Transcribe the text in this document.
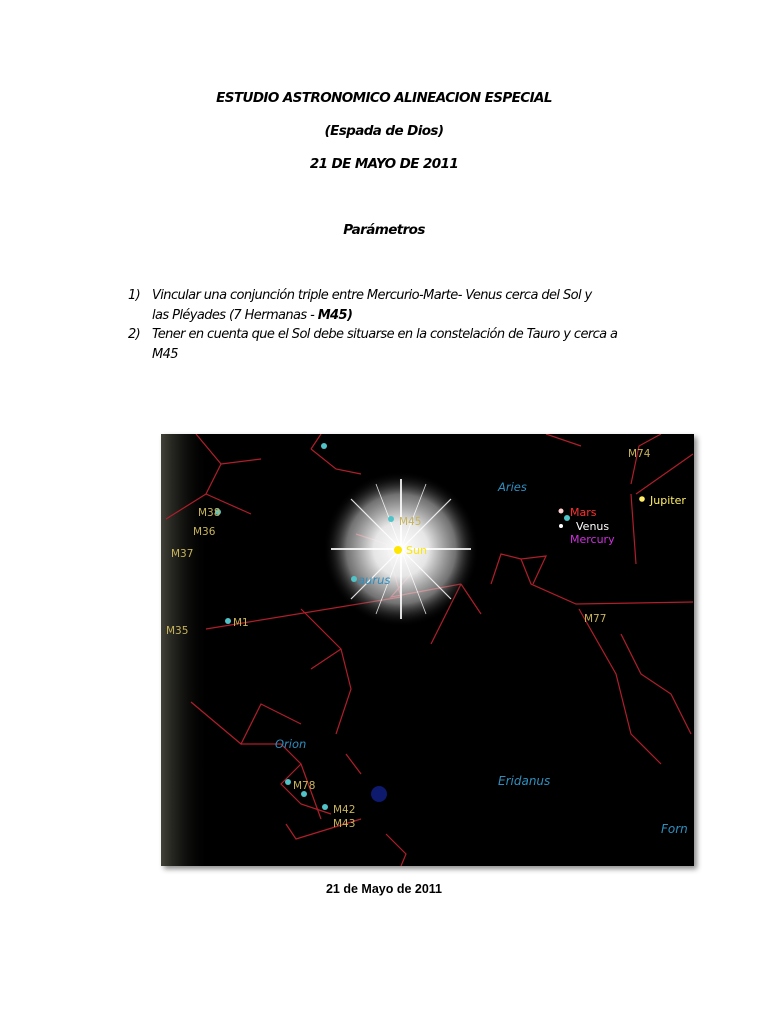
ESTUDIO ASTRONOMICO ALINEACION ESPECIAL
(Espada de Dios)
21 DE MAYO DE 2011
Parámetros
1) Vincular una conjunción triple entre Mercurio-Marte- Venus cerca del Sol y
las Pléyades (7 Hermanas - M45)
2) Tener en cuenta que el Sol debe situarse en la constelación de Tauro y cerca a
M45
Aries
Orion
Eridanus
Forn
aurus
M74
M77
M38
M36
M37
M35
M1
M78
M42
M43
M45
Sun
Mars
Venus
Mercury
Jupiter
21 de Mayo de 2011
